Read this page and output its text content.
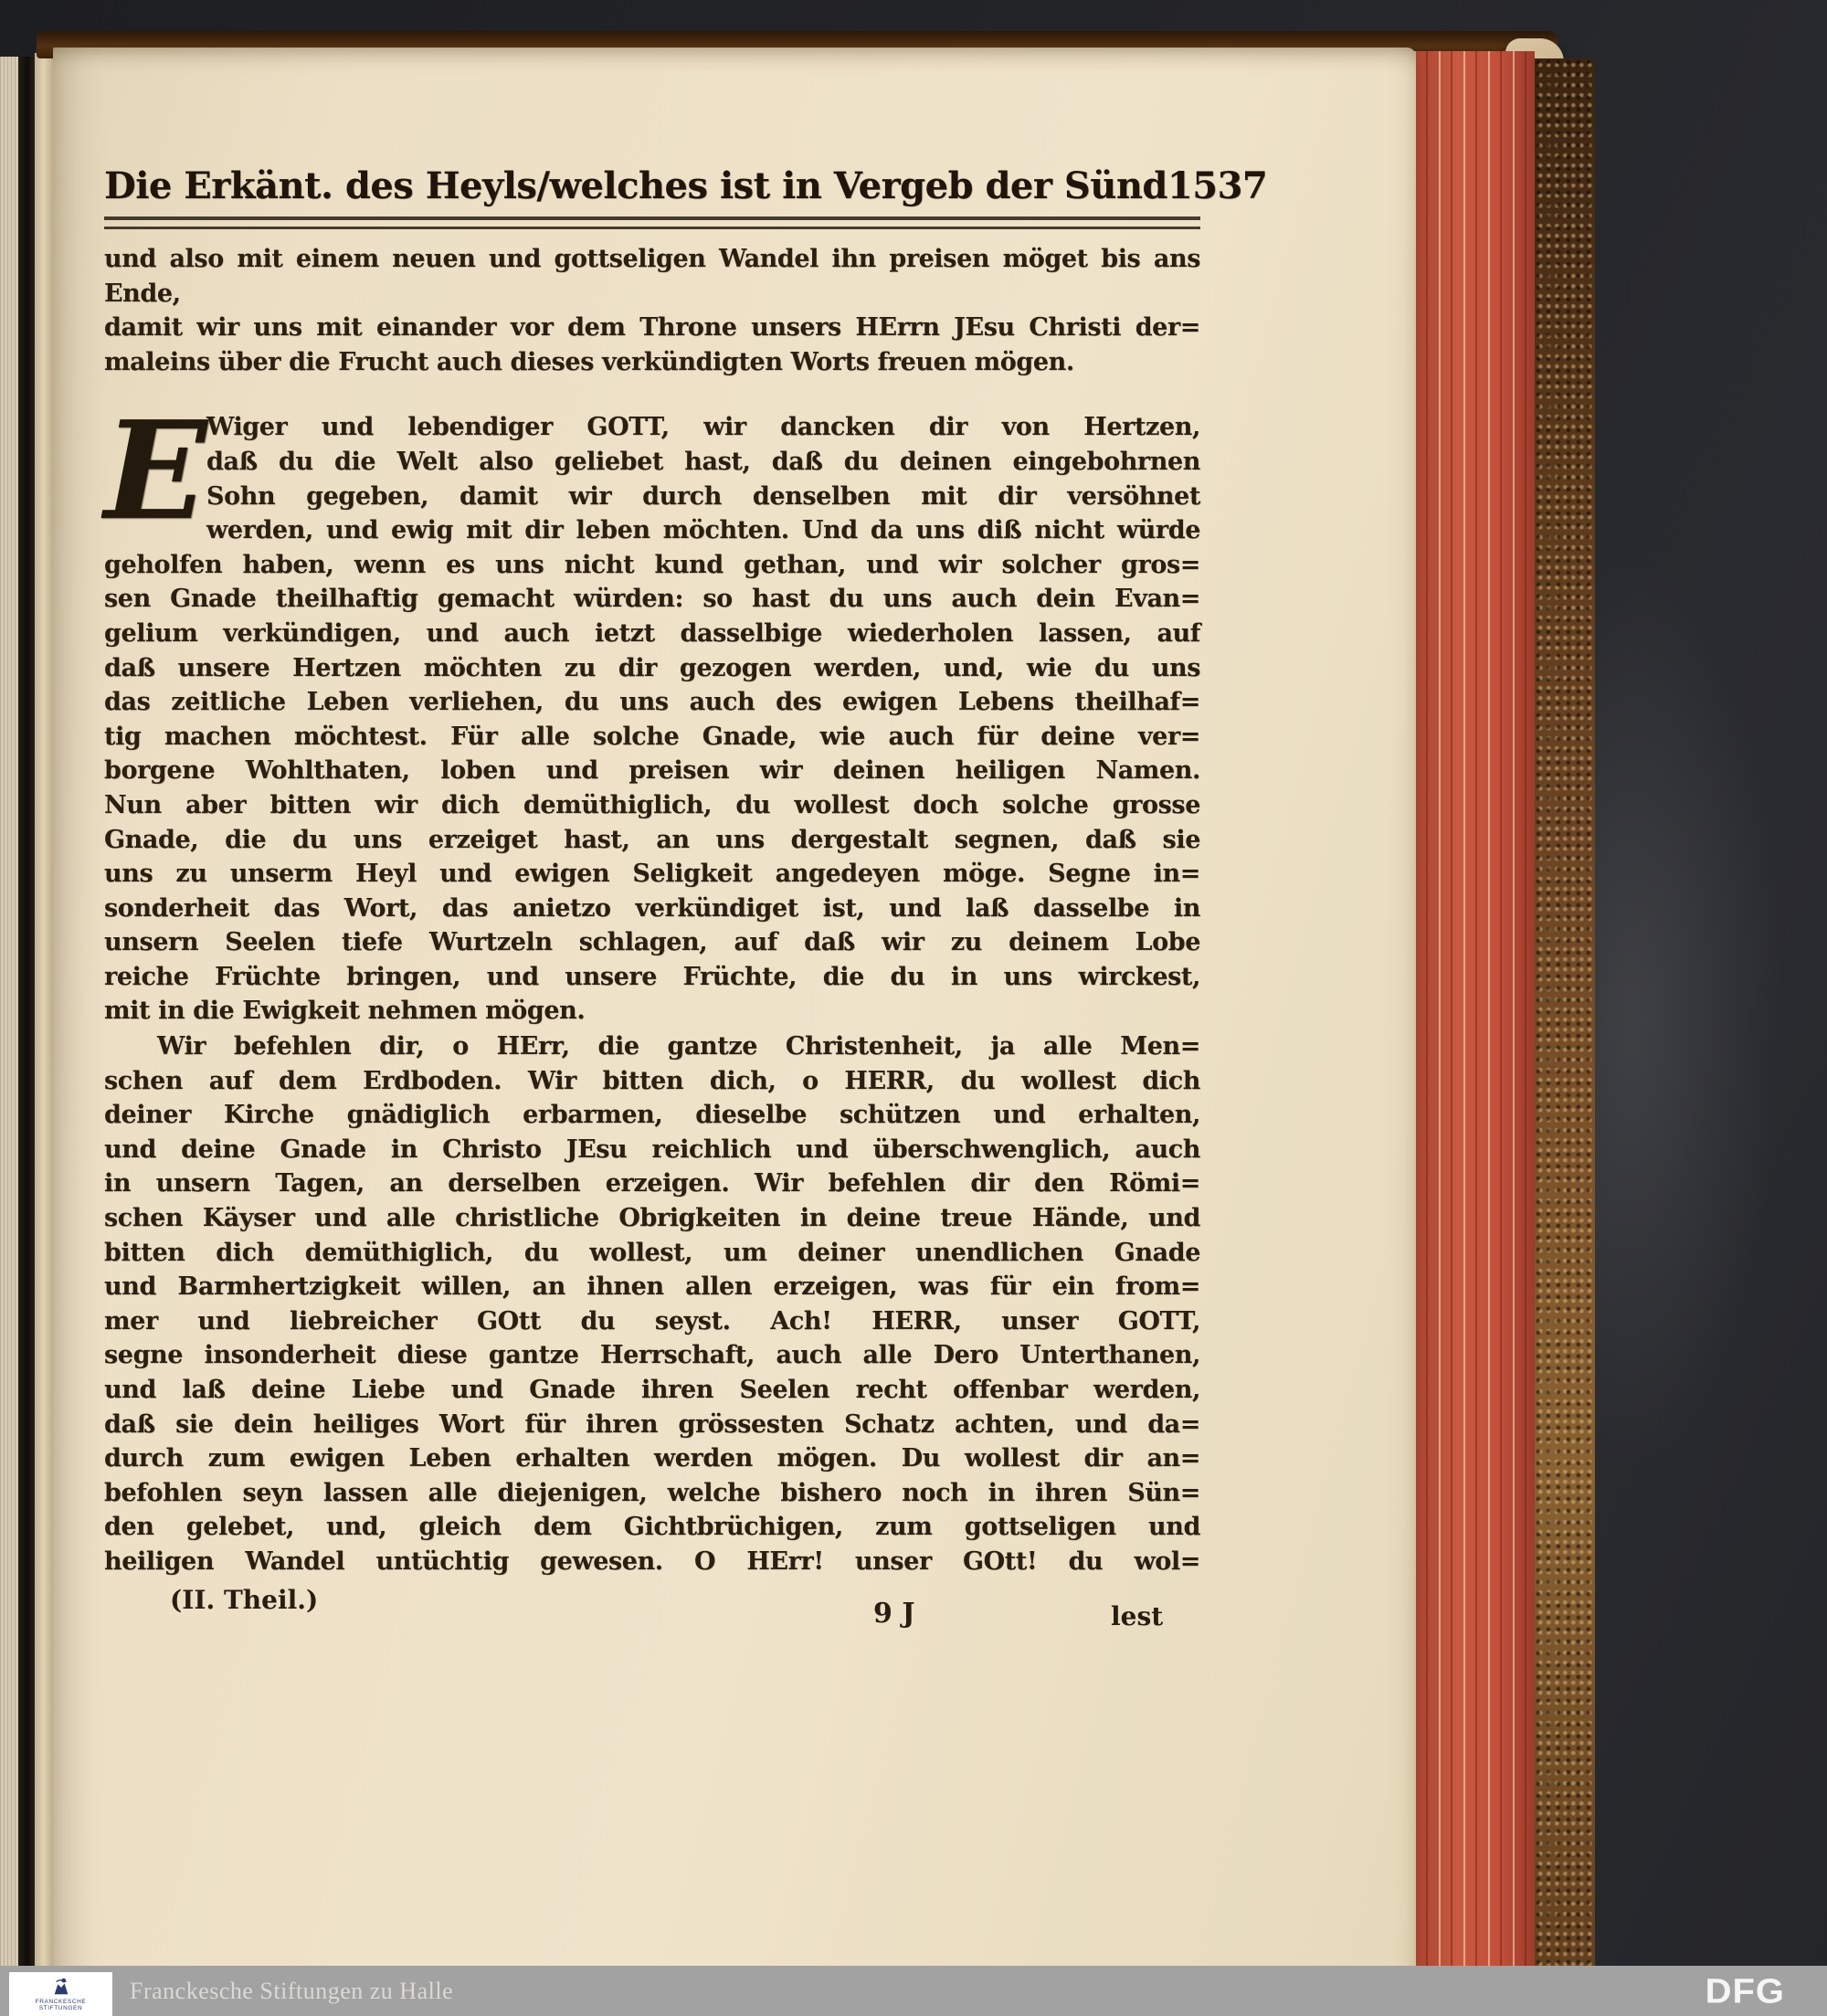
Die Erkänt. des Heyls/welches ist in Vergeb der Sünd 1537
und also mit einem neuen und gottseligen Wandel ihn preisen möget bis ans Ende,
damit wir uns mit einander vor dem Throne unsers HErrn JEsu Christi der=
maleins über die Frucht auch dieses verkündigten Worts freuen mögen.
E Wiger und lebendiger GOTT, wir dancken dir von Hertzen,
daß du die Welt also geliebet hast, daß du deinen eingebohrnen
Sohn gegeben, damit wir durch denselben mit dir versöhnet
werden, und ewig mit dir leben möchten. Und da uns diß nicht würde
geholfen haben, wenn es uns nicht kund gethan, und wir solcher gros=
sen Gnade theilhaftig gemacht würden: so hast du uns auch dein Evan=
gelium verkündigen, und auch ietzt dasselbige wiederholen lassen, auf
daß unsere Hertzen möchten zu dir gezogen werden, und, wie du uns
das zeitliche Leben verliehen, du uns auch des ewigen Lebens theilhaf=
tig machen möchtest. Für alle solche Gnade, wie auch für deine ver=
borgene Wohlthaten, loben und preisen wir deinen heiligen Namen.
Nun aber bitten wir dich demüthiglich, du wollest doch solche grosse
Gnade, die du uns erzeiget hast, an uns dergestalt segnen, daß sie
uns zu unserm Heyl und ewigen Seligkeit angedeyen möge. Segne in=
sonderheit das Wort, das anietzo verkündiget ist, und laß dasselbe in
unsern Seelen tiefe Wurtzeln schlagen, auf daß wir zu deinem Lobe
reiche Früchte bringen, und unsere Früchte, die du in uns wirckest,
mit in die Ewigkeit nehmen mögen.
Wir befehlen dir, o HErr, die gantze Christenheit, ja alle Men=
schen auf dem Erdboden. Wir bitten dich, o HERR, du wollest dich
deiner Kirche gnädiglich erbarmen, dieselbe schützen und erhalten,
und deine Gnade in Christo JEsu reichlich und überschwenglich, auch
in unsern Tagen, an derselben erzeigen. Wir befehlen dir den Römi=
schen Käyser und alle christliche Obrigkeiten in deine treue Hände, und
bitten dich demüthiglich, du wollest, um deiner unendlichen Gnade
und Barmhertzigkeit willen, an ihnen allen erzeigen, was für ein from=
mer und liebreicher GOtt du seyst. Ach! HERR, unser GOTT,
segne insonderheit diese gantze Herrschaft, auch alle Dero Unterthanen,
und laß deine Liebe und Gnade ihren Seelen recht offenbar werden,
daß sie dein heiliges Wort für ihren grössesten Schatz achten, und da=
durch zum ewigen Leben erhalten werden mögen. Du wollest dir an=
befohlen seyn lassen alle diejenigen, welche bishero noch in ihren Sün=
den gelebet, und, gleich dem Gichtbrüchigen, zum gottseligen und
heiligen Wandel untüchtig gewesen. O HErr! unser GOtt! du wol=
(II. Theil.)	9 J	lest
FRANCKESCHE
STIFTUNGEN
Franckesche Stiftungen zu Halle	DFG
